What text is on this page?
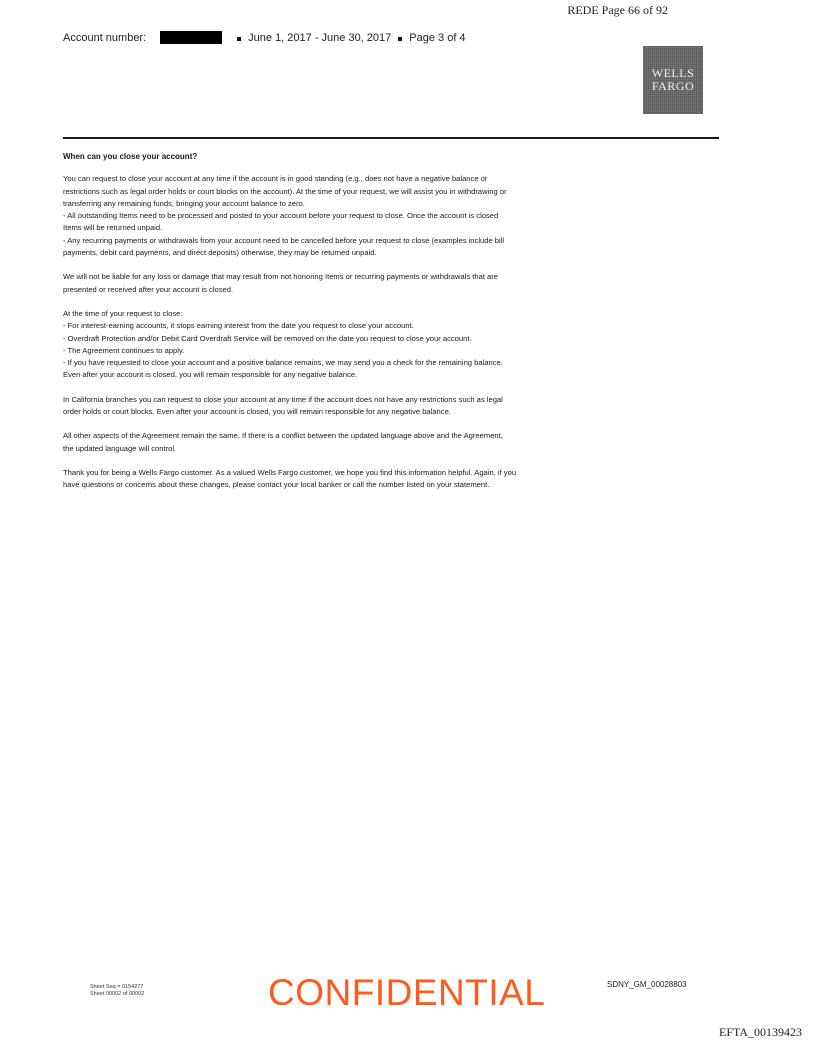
REDE Page 66 of 92
Account number:	June 1, 2017 - June 30, 2017 Page 3 of 4
WELLS
FARGO
When can you close your account?

You can request to close your account at any time if the account is in good standing (e.g., does not have a negative balance or
restrictions such as legal order holds or court blocks on the account). At the time of your request, we will assist you in withdrawing or
transferring any remaining funds, bringing your account balance to zero.
- All outstanding Items need to be processed and posted to your account before your request to close. Once the account is closed
Items will be returned unpaid.
- Any recurring payments or withdrawals from your account need to be cancelled before your request to close (examples include bill
payments, debit card payments, and direct deposits) otherwise, they may be returned unpaid.

We will not be liable for any loss or damage that may result from not honoring Items or recurring payments or withdrawals that are
presented or received after your account is closed.

At the time of your request to close:
- For interest-earning accounts, it stops earning interest from the date you request to close your account.
- Overdraft Protection and/or Debit Card Overdraft Service will be removed on the date you request to close your account.
- The Agreement continues to apply.
- If you have requested to close your account and a positive balance remains, we may send you a check for the remaining balance.
Even after your account is closed, you will remain responsible for any negative balance.

In California branches you can request to close your account at any time if the account does not have any restrictions such as legal
order holds or court blocks. Even after your account is closed, you will remain responsible for any negative balance.

All other aspects of the Agreement remain the same. If there is a conflict between the updated language above and the Agreement,
the updated language will control.

Thank you for being a Wells Fargo customer. As a valued Wells Fargo customer, we hope you find this information helpful. Again, if you
have questions or concerns about these changes, please contact your local banker or call the number listed on your statement.

Sheet Seq = 0154277
Sheet 00002 of 00002	CONFIDENTIAL	SDNY_GM_00028803
EFTA_00139423
